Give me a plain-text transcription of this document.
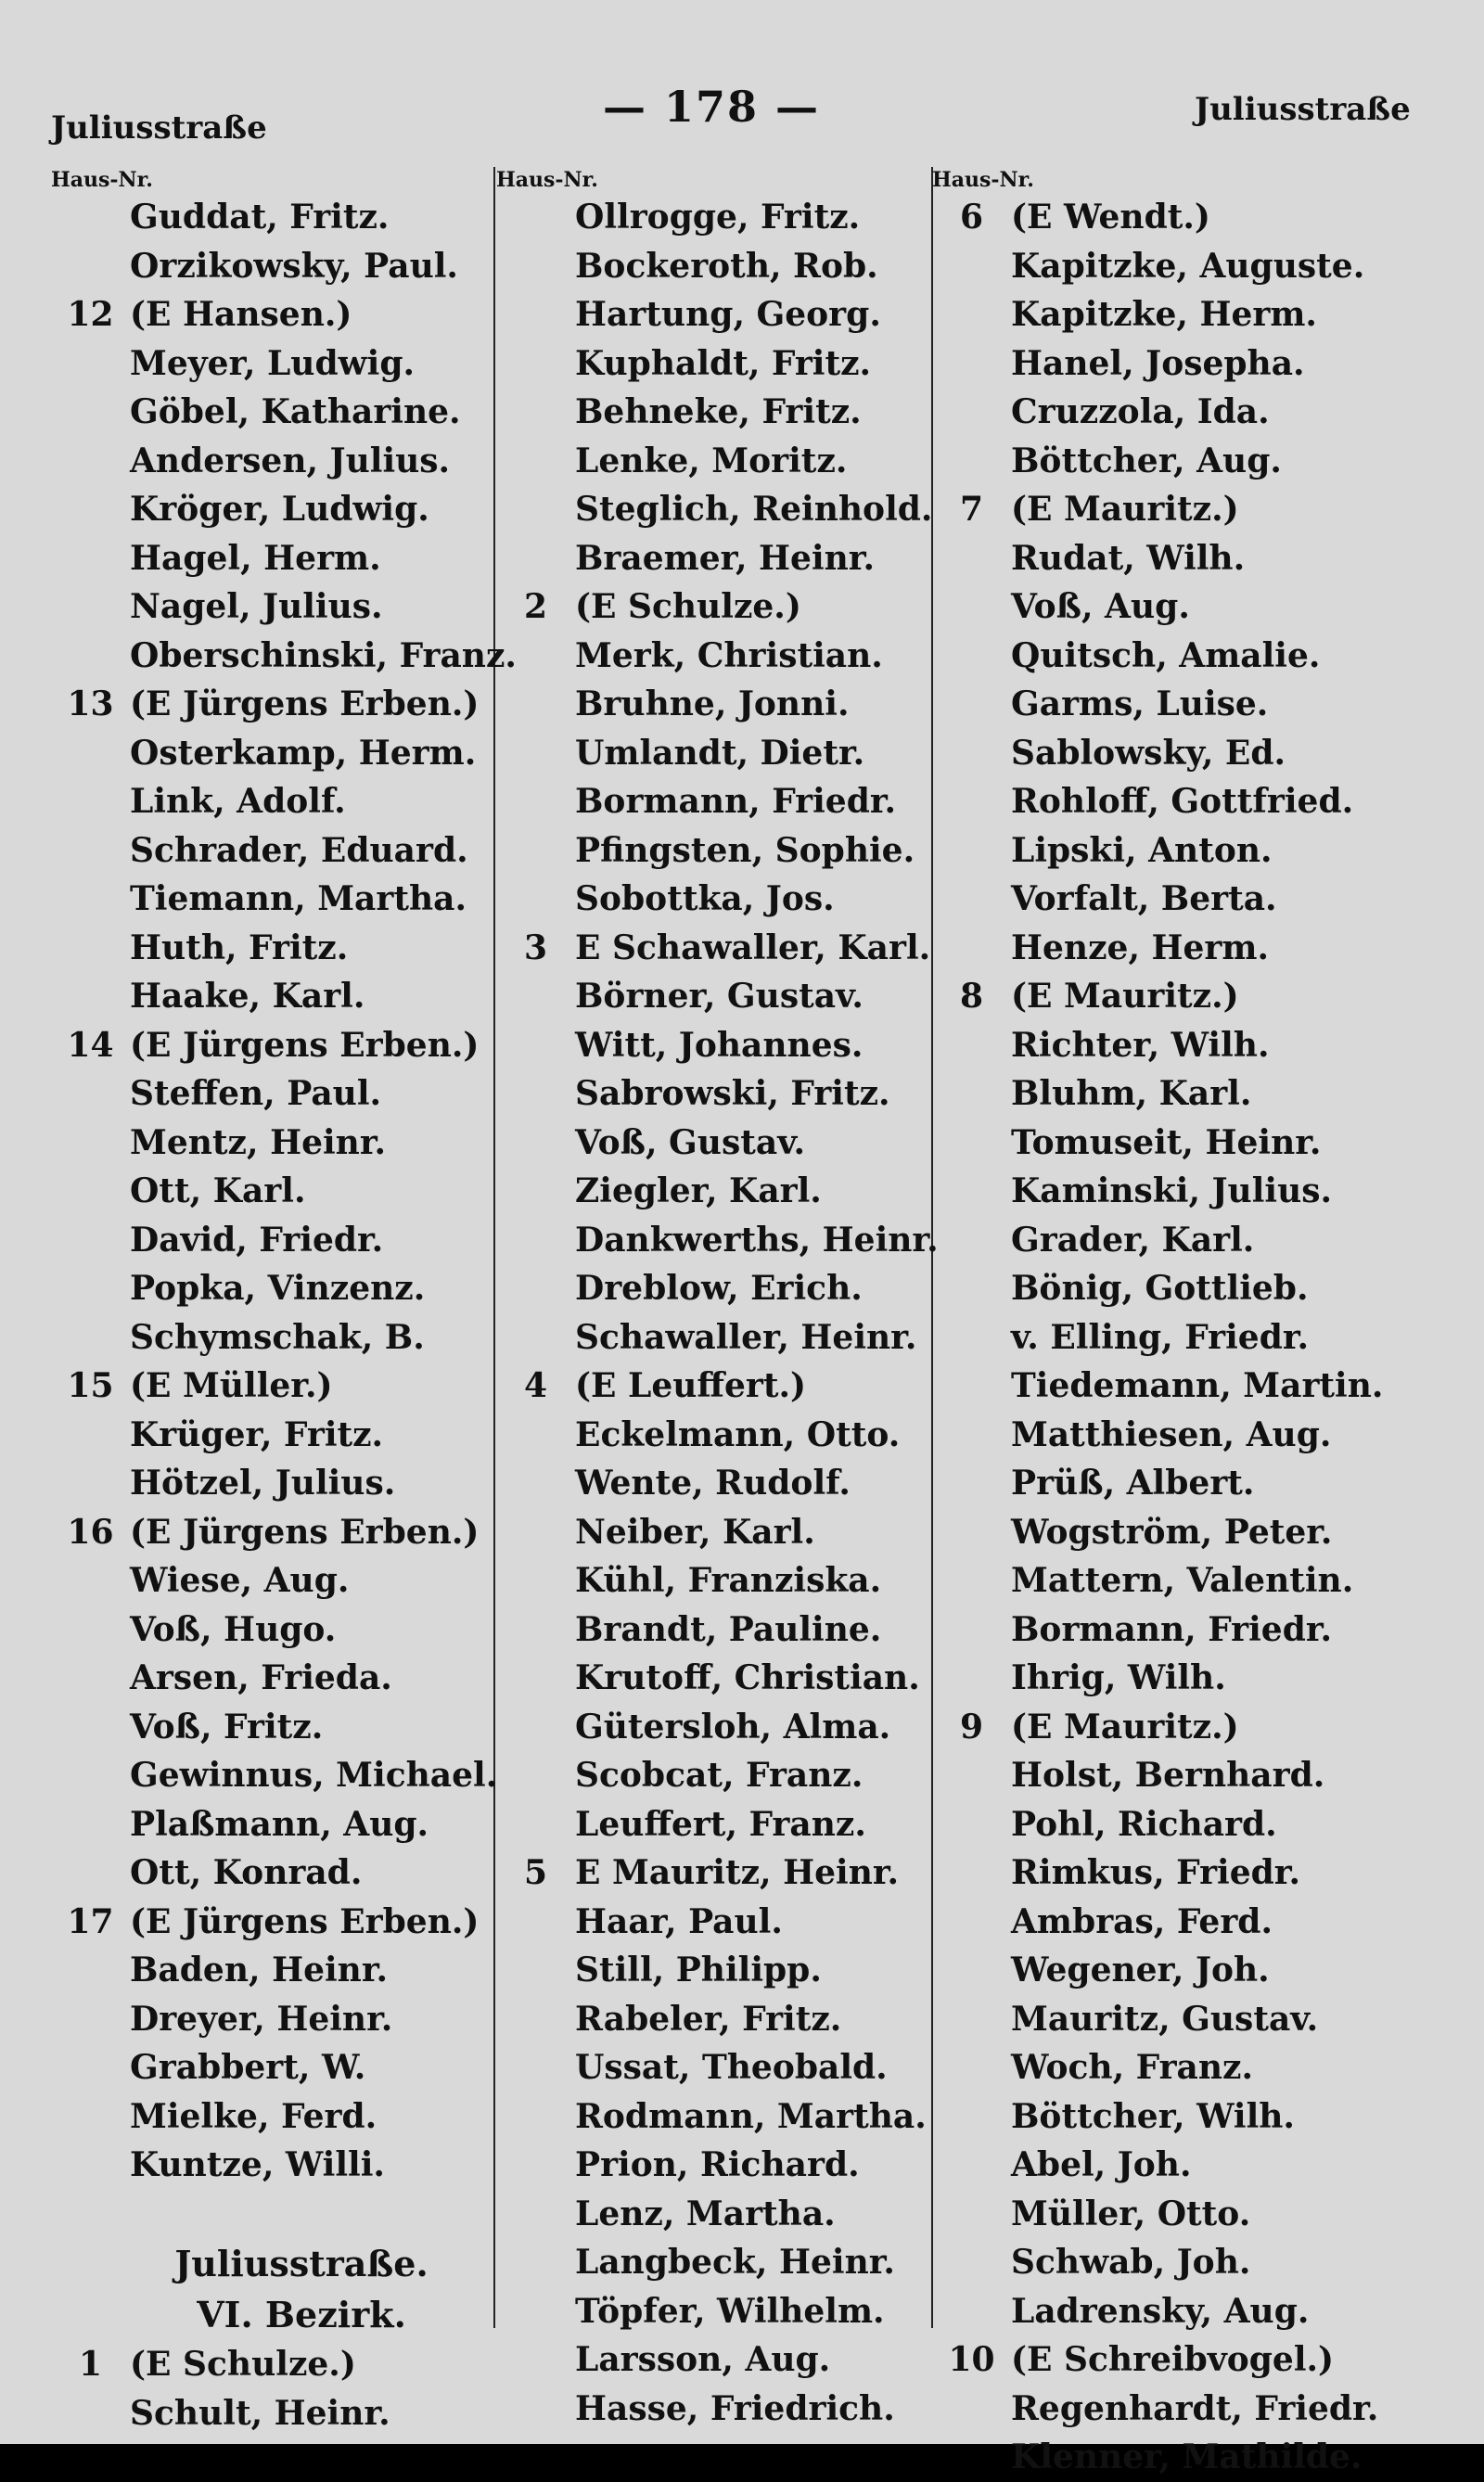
Juliusstraße	— 178 —	Juliusstraße
Haus-Nr.
Guddat, Fritz.
Orzikowsky, Paul.
12 (E Hansen.)
Meyer, Ludwig.
Göbel, Katharine.
Andersen, Julius.
Kröger, Ludwig.
Hagel, Herm.
Nagel, Julius.
Oberschinski, Franz.
13 (E Jürgens Erben.)
Osterkamp, Herm.
Link, Adolf.
Schrader, Eduard.
Tiemann, Martha.
Huth, Fritz.
Haake, Karl.
14 (E Jürgens Erben.)
Steffen, Paul.
Mentz, Heinr.
Ott, Karl.
David, Friedr.
Popka, Vinzenz.
Schymschak, B.
15 (E Müller.)
Krüger, Fritz.
Hötzel, Julius.
16 (E Jürgens Erben.)
Wiese, Aug.
Voß, Hugo.
Arsen, Frieda.
Voß, Fritz.
Gewinnus, Michael.
Plaßmann, Aug.
Ott, Konrad.
17 (E Jürgens Erben.)
Baden, Heinr.
Dreyer, Heinr.
Grabbert, W.
Mielke, Ferd.
Kuntze, Willi.
Juliusstraße.
VI. Bezirk.
1 (E Schulze.)
Schult, Heinr.
Haus-Nr.
Ollrogge, Fritz.
Bockeroth, Rob.
Hartung, Georg.
Kuphaldt, Fritz.
Behneke, Fritz.
Lenke, Moritz.
Steglich, Reinhold.
Braemer, Heinr.
2 (E Schulze.)
Merk, Christian.
Bruhne, Jonni.
Umlandt, Dietr.
Bormann, Friedr.
Pfingsten, Sophie.
Sobottka, Jos.
3 E Schawaller, Karl.
Börner, Gustav.
Witt, Johannes.
Sabrowski, Fritz.
Voß, Gustav.
Ziegler, Karl.
Dankwerths, Heinr.
Dreblow, Erich.
Schawaller, Heinr.
4 (E Leuffert.)
Eckelmann, Otto.
Wente, Rudolf.
Neiber, Karl.
Kühl, Franziska.
Brandt, Pauline.
Krutoff, Christian.
Gütersloh, Alma.
Scobcat, Franz.
Leuffert, Franz.
5 E Mauritz, Heinr.
Haar, Paul.
Still, Philipp.
Rabeler, Fritz.
Ussat, Theobald.
Rodmann, Martha.
Prion, Richard.
Lenz, Martha.
Langbeck, Heinr.
Töpfer, Wilhelm.
Larsson, Aug.
Hasse, Friedrich.
Haus-Nr.
6 (E Wendt.)
Kapitzke, Auguste.
Kapitzke, Herm.
Hanel, Josepha.
Cruzzola, Ida.
Böttcher, Aug.
7 (E Mauritz.)
Rudat, Wilh.
Voß, Aug.
Quitsch, Amalie.
Garms, Luise.
Sablowsky, Ed.
Rohloff, Gottfried.
Lipski, Anton.
Vorfalt, Berta.
Henze, Herm.
8 (E Mauritz.)
Richter, Wilh.
Bluhm, Karl.
Tomuseit, Heinr.
Kaminski, Julius.
Grader, Karl.
Bönig, Gottlieb.
v. Elling, Friedr.
Tiedemann, Martin.
Matthiesen, Aug.
Prüß, Albert.
Wogström, Peter.
Mattern, Valentin.
Bormann, Friedr.
Ihrig, Wilh.
9 (E Mauritz.)
Holst, Bernhard.
Pohl, Richard.
Rimkus, Friedr.
Ambras, Ferd.
Wegener, Joh.
Mauritz, Gustav.
Woch, Franz.
Böttcher, Wilh.
Abel, Joh.
Müller, Otto.
Schwab, Joh.
Ladrensky, Aug.
10 (E Schreibvogel.)
Regenhardt, Friedr.
Klenner, Mathilde.
